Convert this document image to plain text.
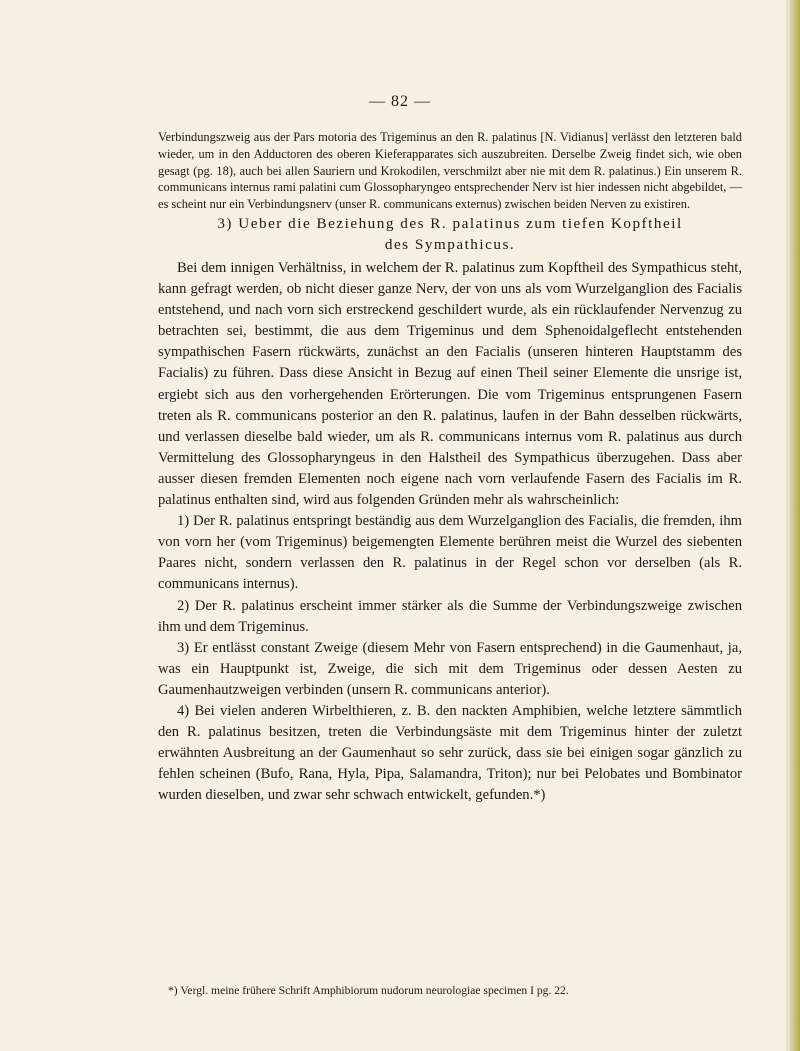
— 82 —

Verbindungszweig aus der Pars motoria des Trigeminus an den R. palatinus [N. Vidianus] verlässt den letzteren bald wieder, um in den Adductoren des oberen Kieferapparates sich auszubreiten. Derselbe Zweig findet sich, wie oben gesagt (pg. 18), auch bei allen Sauriern und Krokodilen, verschmilzt aber nie mit dem R. palatinus.) Ein unserem R. communicans internus rami palatini cum Glossopharyngeo entsprechender Nerv ist hier indessen nicht abgebildet, — es scheint nur ein Verbindungsnerv (unser R. communicans externus) zwischen beiden Nerven zu existiren.

3) Ueber die Beziehung des R. palatinus zum tiefen Kopftheil

des Sympathicus.

Bei dem innigen Verhältniss, in welchem der R. palatinus zum Kopftheil des Sympathicus steht, kann gefragt werden, ob nicht dieser ganze Nerv, der von uns als vom Wurzelganglion des Facialis entstehend, und nach vorn sich erstreckend geschildert wurde, als ein rücklaufender Nervenzug zu betrachten sei, bestimmt, die aus dem Trigeminus und dem Sphenoidalgeflecht entstehenden sympathischen Fasern rückwärts, zunächst an den Facialis (unseren hinteren Hauptstamm des Facialis) zu führen. Dass diese Ansicht in Bezug auf einen Theil seiner Elemente die unsrige ist, ergiebt sich aus den vorhergehenden Erörterungen. Die vom Trigeminus entsprungenen Fasern treten als R. communicans posterior an den R. palatinus, laufen in der Bahn desselben rückwärts, und verlassen dieselbe bald wieder, um als R. communicans internus vom R. palatinus aus durch Vermittelung des Glossopharyngeus in den Halstheil des Sympathicus überzugehen. Dass aber ausser diesen fremden Elementen noch eigene nach vorn verlaufende Fasern des Facialis im R. palatinus enthalten sind, wird aus folgenden Gründen mehr als wahrscheinlich:

1) Der R. palatinus entspringt beständig aus dem Wurzelganglion des Facialis, die fremden, ihm von vorn her (vom Trigeminus) beigemengten Elemente berühren meist die Wurzel des siebenten Paares nicht, sondern verlassen den R. palatinus in der Regel schon vor derselben (als R. communicans internus).

2) Der R. palatinus erscheint immer stärker als die Summe der Verbindungszweige zwischen ihm und dem Trigeminus.

3) Er entlässt constant Zweige (diesem Mehr von Fasern entsprechend) in die Gaumenhaut, ja, was ein Hauptpunkt ist, Zweige, die sich mit dem Trigeminus oder dessen Aesten zu Gaumenhautzweigen verbinden (unsern R. communicans anterior).

4) Bei vielen anderen Wirbelthieren, z. B. den nackten Amphibien, welche letztere sämmtlich den R. palatinus besitzen, treten die Verbindungsäste mit dem Trigeminus hinter der zuletzt erwähnten Ausbreitung an der Gaumenhaut so sehr zurück, dass sie bei einigen sogar gänzlich zu fehlen scheinen (Bufo, Rana, Hyla, Pipa, Salamandra, Triton); nur bei Pelobates und Bombinator wurden dieselben, und zwar sehr schwach entwickelt, gefunden.*)

*) Vergl. meine frühere Schrift Amphibiorum nudorum neurologiae specimen I pg. 22.
